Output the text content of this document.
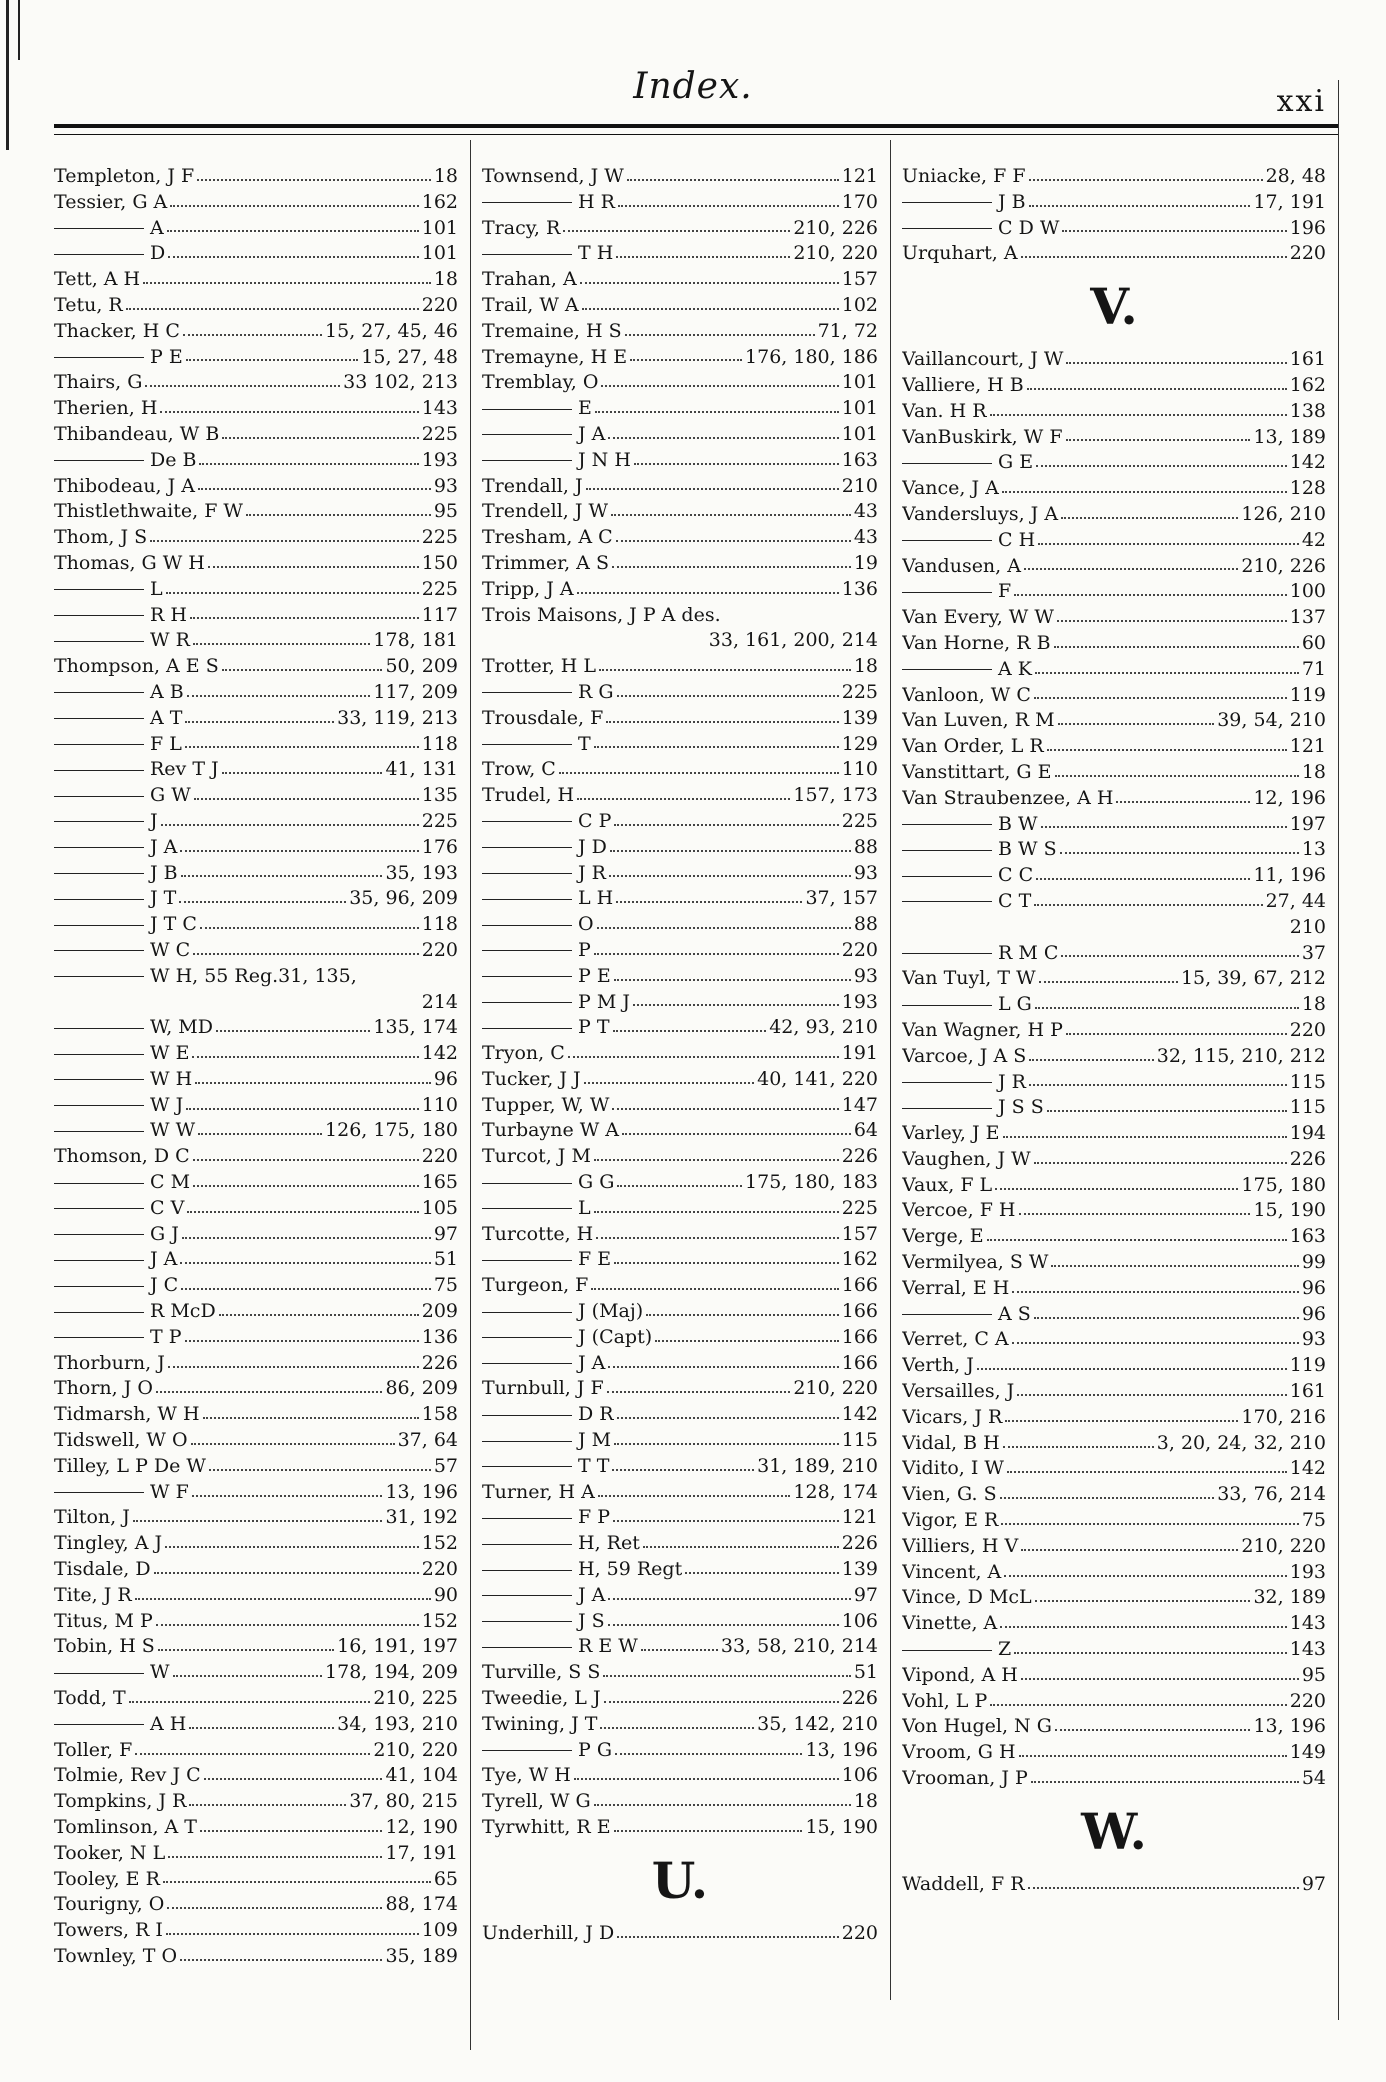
Index.	xxi
Templeton, J F	18
Tessier, G A	162
A	101
D	101
Tett, A H	18
Tetu, R	220
Thacker, H C	15, 27, 45, 46
P E	15, 27, 48
Thairs, G	33 102, 213
Therien, H	143
Thibandeau, W B	225
De B	193
Thibodeau, J A	93
Thistlethwaite, F W	95
Thom, J S	225
Thomas, G W H	150
L	225
R H	117
W R	178, 181
Thompson, A E S	50, 209
A B	117, 209
A T	33, 119, 213
F L	118
Rev T J	41, 131
G W	135
J	225
J A	176
J B	35, 193
J T	35, 96, 209
J T C	118
W C	220
W H, 55 Reg.31, 135,
214
W, MD	135, 174
W E	142
W H	96
W J	110
W W	126, 175, 180
Thomson, D C	220
C M	165
C V	105
G J	97
J A	51
J C	75
R McD	209
T P	136
Thorburn, J	226
Thorn, J O	86, 209
Tidmarsh, W H	158
Tidswell, W O	37, 64
Tilley, L P De W	57
W F	13, 196
Tilton, J	31, 192
Tingley, A J	152
Tisdale, D	220
Tite, J R	90
Titus, M P	152
Tobin, H S	16, 191, 197
W	178, 194, 209
Todd, T	210, 225
A H	34, 193, 210
Toller, F	210, 220
Tolmie, Rev J C	41, 104
Tompkins, J R	37, 80, 215
Tomlinson, A T	12, 190
Tooker, N L	17, 191
Tooley, E R	65
Tourigny, O	88, 174
Towers, R I	109
Townley, T O	35, 189
Townsend, J W	121
H R	170
Tracy, R	210, 226
T H	210, 220
Trahan, A	157
Trail, W A	102
Tremaine, H S	71, 72
Tremayne, H E	176, 180, 186
Tremblay, O	101
E	101
J A	101
J N H	163
Trendall, J	210
Trendell, J W	43
Tresham, A C	43
Trimmer, A S	19
Tripp, J A	136
Trois Maisons, J P A des.
33, 161, 200, 214
Trotter, H L	18
R G	225
Trousdale, F	139
T	129
Trow, C	110
Trudel, H	157, 173
C P	225
J D	88
J R	93
L H	37, 157
O	88
P	220
P E	93
P M J	193
P T	42, 93, 210
Tryon, C	191
Tucker, J J	40, 141, 220
Tupper, W, W	147
Turbayne W A	64
Turcot, J M	226
G G	175, 180, 183
L	225
Turcotte, H	157
F E	162
Turgeon, F	166
J (Maj)	166
J (Capt)	166
J A	166
Turnbull, J F	210, 220
D R	142
J M	115
T T	31, 189, 210
Turner, H A	128, 174
F P	121
H, Ret	226
H, 59 Regt	139
J A	97
J S	106
R E W	33, 58, 210, 214
Turville, S S	51
Tweedie, L J	226
Twining, J T	35, 142, 210
P G	13, 196
Tye, W H	106
Tyrell, W G	18
Tyrwhitt, R E	15, 190
U.
Underhill, J D	220
Uniacke, F F	28, 48
J B	17, 191
C D W	196
Urquhart, A	220
V.
Vaillancourt, J W	161
Valliere, H B	162
Van. H R	138
VanBuskirk, W F	13, 189
G E	142
Vance, J A	128
Vandersluys, J A	126, 210
C H	42
Vandusen, A	210, 226
F	100
Van Every, W W	137
Van Horne, R B	60
A K	71
Vanloon, W C	119
Van Luven, R M	39, 54, 210
Van Order, L R	121
Vanstittart, G E	18
Van Straubenzee, A H	12, 196
B W	197
B W S	13
C C	11, 196
C T	27, 44
210
R M C	37
Van Tuyl, T W	15, 39, 67, 212
L G	18
Van Wagner, H P	220
Varcoe, J A S	32, 115, 210, 212
J R	115
J S S	115
Varley, J E	194
Vaughen, J W	226
Vaux, F L	175, 180
Vercoe, F H	15, 190
Verge, E	163
Vermilyea, S W	99
Verral, E H	96
A S	96
Verret, C A	93
Verth, J	119
Versailles, J	161
Vicars, J R	170, 216
Vidal, B H	3, 20, 24, 32, 210
Vidito, I W	142
Vien, G. S	33, 76, 214
Vigor, E R	75
Villiers, H V	210, 220
Vincent, A	193
Vince, D McL	32, 189
Vinette, A	143
Z	143
Vipond, A H	95
Vohl, L P	220
Von Hugel, N G	13, 196
Vroom, G H	149
Vrooman, J P	54
W.
Waddell, F R	97
